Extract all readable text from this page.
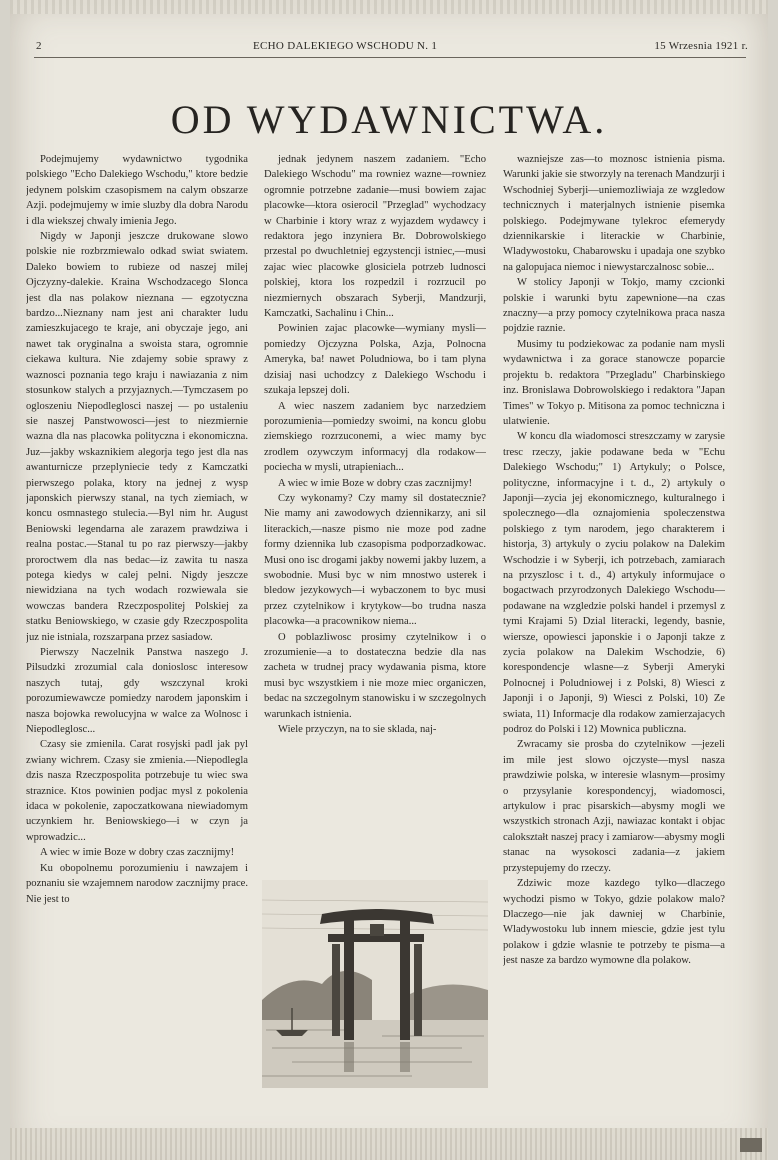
2	ECHO DALEKIEGO WSCHODU N. 1	15 Wrzesnia 1921 r.
OD WYDAWNICTWA.

Podejmujemy wydawnictwo tygodnika polskiego "Echo Dalekiego Wschodu," ktore bedzie jedynem polskim czasopismem na calym obszarze Azji. podejmujemy w imie sluzby dla dobra Narodu i dla wiekszej chwaly imienia Jego.

Nigdy w Japonji jeszcze drukowane slowo polskie nie rozbrzmiewalo odkad swiat swiatem. Daleko bowiem to rubieze od naszej milej Ojczyzny-dalekie. Kraina Wschodzacego Slonca jest dla nas polakow nieznana — egzotyczna bardzo...Nieznany nam jest ani charakter ludu zamieszkujacego te kraje, ani obyczaje jego, ani nawet tak oryginalna a swoista stara, ogromnie ciekawa kultura. Nie zdajemy sobie sprawy z waznosci poznania tego kraju i nawiazania z nim stosunkow stalych a przyjaznych.—Tymczasem po ogloszeniu Niepodleglosci naszej — po ustaleniu sie naszej Panstwowosci—jest to niezmiernie wazna dla nas placowka polityczna i ekonomiczna. Juz—jakby wskaznikiem alegorja tego jest dla nas awanturnicze przeplyniecie tedy z Kamczatki pierwszego polaka, ktory na jednej z wysp japonskich pierwszy stanal, na tych ziemiach, w koncu osmnastego stulecia.—Byl nim hr. August Beniowski legendarna ale zarazem prawdziwa i realna postac.—Stanal tu po raz pierwszy—jakby proroctwem dla nas bedac—iz zawita tu nasza potega kiedys w calej pelni. Nigdy jeszcze niewidziana na tych wodach rozwiewala sie wowczas bandera Rzeczpospolitej Polskiej za statku Beniowskiego, w czasie gdy Rzeczpospolita juz nie istniala, rozszarpana przez sasiadow.

Pierwszy Naczelnik Panstwa naszego J. Pilsudzki zrozumial cala donioslosc interesow naszych tutaj, gdy wszczynal kroki porozumiewawcze pomiedzy narodem japonskim i nasza bojowka rewolucyjna w walce za Wolnosc i Niepodleglosc...

Czasy sie zmienila. Carat rosyjski padl jak pyl zwiany wichrem. Czasy sie zmienia.—Niepodlegla dzis nasza Rzeczpospolita potrzebuje tu wiec swa straznice. Ktos powinien podjac mysl z pokolenia idaca w pokolenie, zapoczatkowana niewiadomym uczynkiem hr. Beniowskiego—i w czyn ja wprowadzic...

A wiec w imie Boze w dobry czas zacznijmy!

Ku obopolnemu porozumieniu i nawzajem i poznaniu sie wzajemnem narodow zacznijmy prace. Nie jest to

jednak jedynem naszem zadaniem. "Echo Dalekiego Wschodu" ma rowniez wazne—rowniez ogromnie potrzebne zadanie—musi bowiem zajac placowke—ktora osierocil "Przeglad" wychodzacy w Charbinie i ktory wraz z wyjazdem wydawcy i redaktora jego inzyniera Br. Dobrowolskiego przestal po dwuchletniej egzystencji istniec,—musi zajac wiec placowke glosiciela potrzeb ludnosci polskiej, ktora los rozpedzil i rozrzucil po niezmiernych obszarach Syberji, Mandzurji, Kamczatki, Sachalinu i Chin...

Powinien zajac placowke—wymiany mysli—pomiedzy Ojczyzna Polska, Azja, Polnocna Ameryka, ba! nawet Poludniowa, bo i tam plyna dzisiaj nasi uchodzcy z Dalekiego Wschodu i szukaja lepszej doli.

A wiec naszem zadaniem byc narzedziem porozumienia—pomiedzy swoimi, na koncu globu ziemskiego rozrzuconemi, a wiec mamy byc zrodlem ozywczym informacyj dla rodakow—pociecha w mysli, utrapieniach...

A wiec w imie Boze w dobry czas zacznijmy!

Czy wykonamy? Czy mamy sil dostatecznie? Nie mamy ani zawodowych dziennikarzy, ani sil literackich,—nasze pismo nie moze pod zadne formy dziennika lub czasopisma podporzadkowac. Musi ono isc drogami jakby nowemi jakby luzem, a swobodnie. Musi byc w nim mnostwo usterek i bledow jezykowych—i wybaczonem to byc musi przez czytelnikow i krytykow—bo trudna nasza placowka—a pracownikow niema...

O poblazliwosc prosimy czytelnikow i o zrozumienie—a to dostateczna bedzie dla nas zacheta w trudnej pracy wydawania pisma, ktore musi byc wszystkiem i nie moze miec organiczen, bedac na szczegolnym stanowisku i w szczegolnych warunkach istnienia.

Wiele przyczyn, na to sie sklada, naj-

wazniejsze zas—to moznosc istnienia pisma. Warunki jakie sie stworzyly na terenach Mandzurji i Wschodniej Syberji—uniemozliwiaja ze wzgledow technicznych i materjalnych istnienie pisemka polskiego. Podejmywane tylekroc efemerydy dziennikarskie i literackie w Charbinie, Wladywostoku, Chabarowsku i upadaja one szybko na galopujaca niemoc i niewystarczalnosc sobie...

W stolicy Japonji w Tokjo, mamy czcionki polskie i warunki bytu zapewnione—na czas znaczny—a przy pomocy czytelnikowa praca nasza pojdzie raznie.

Musimy tu podziekowac za podanie nam mysli wydawnictwa i za gorace stanowcze poparcie projektu b. redaktora "Przegladu" Charbinskiego inz. Bronislawa Dobrowolskiego i redaktora "Japan Times" w Tokyo p. Mitisona za pomoc techniczna i ulatwienie.

W koncu dla wiadomosci streszczamy w zarysie tresc rzeczy, jakie podawane beda w "Echu Dalekiego Wschodu;" 1) Artykuly; o Polsce, polityczne, informacyjne i t. d., 2) artykuly o Japonji—zycia jej ekonomicznego, kulturalnego i spolecznego—dla oznajomienia spoleczenstwa polskiego z tym narodem, jego charakterem i historja, 3) artykuly o zyciu polakow na Dalekim Wschodzie i w Syberji, ich potrzebach, zamiarach na przyszlosc i t. d., 4) artykuly informujace o bogactwach przyrodzonych Dalekiego Wschodu—podawane na wzgledzie polski handel i przemysl z tymi Krajami 5) Dzial literacki, legendy, basnie, wiersze, opowiesci japonskie i o Japonji takze z zycia polakow na Dalekim Wschodzie, 6) korespondencje wlasne—z Syberji Ameryki Polnocnej i Poludniowej i z Polski, 8) Wiesci z Japonji i o Japonji, 9) Wiesci z Polski, 10) Ze swiata, 11) Informacje dla rodakow zamierzajacych podroz do Polski i 12) Mownica publiczna.

Zwracamy sie prosba do czytelnikow —jezeli im mile jest slowo ojczyste—mysl nasza prawdziwie polska, w interesie wlasnym—prosimy o przysylanie korespondencyj, wiadomosci, artykulow i prac pisarskich—abysmy mogli we wszystkich stronach Azji, nawiazac kontakt i objac calokształt naszej pracy i zamiarow—abysmy mogli stanac na wysokosci zadania—z jakiem przystepujemy do rzeczy.

Zdziwic moze kazdego tylko—dlaczego wychodzi pismo w Tokyo, gdzie polakow malo? Dlaczego—nie jak dawniej w Charbinie, Wladywostoku lub innem miescie, gdzie jest tylu polakow i gdzie wlasnie te potrzeby te pisma—a jest nasze za bardzo wymowne dla polakow.
